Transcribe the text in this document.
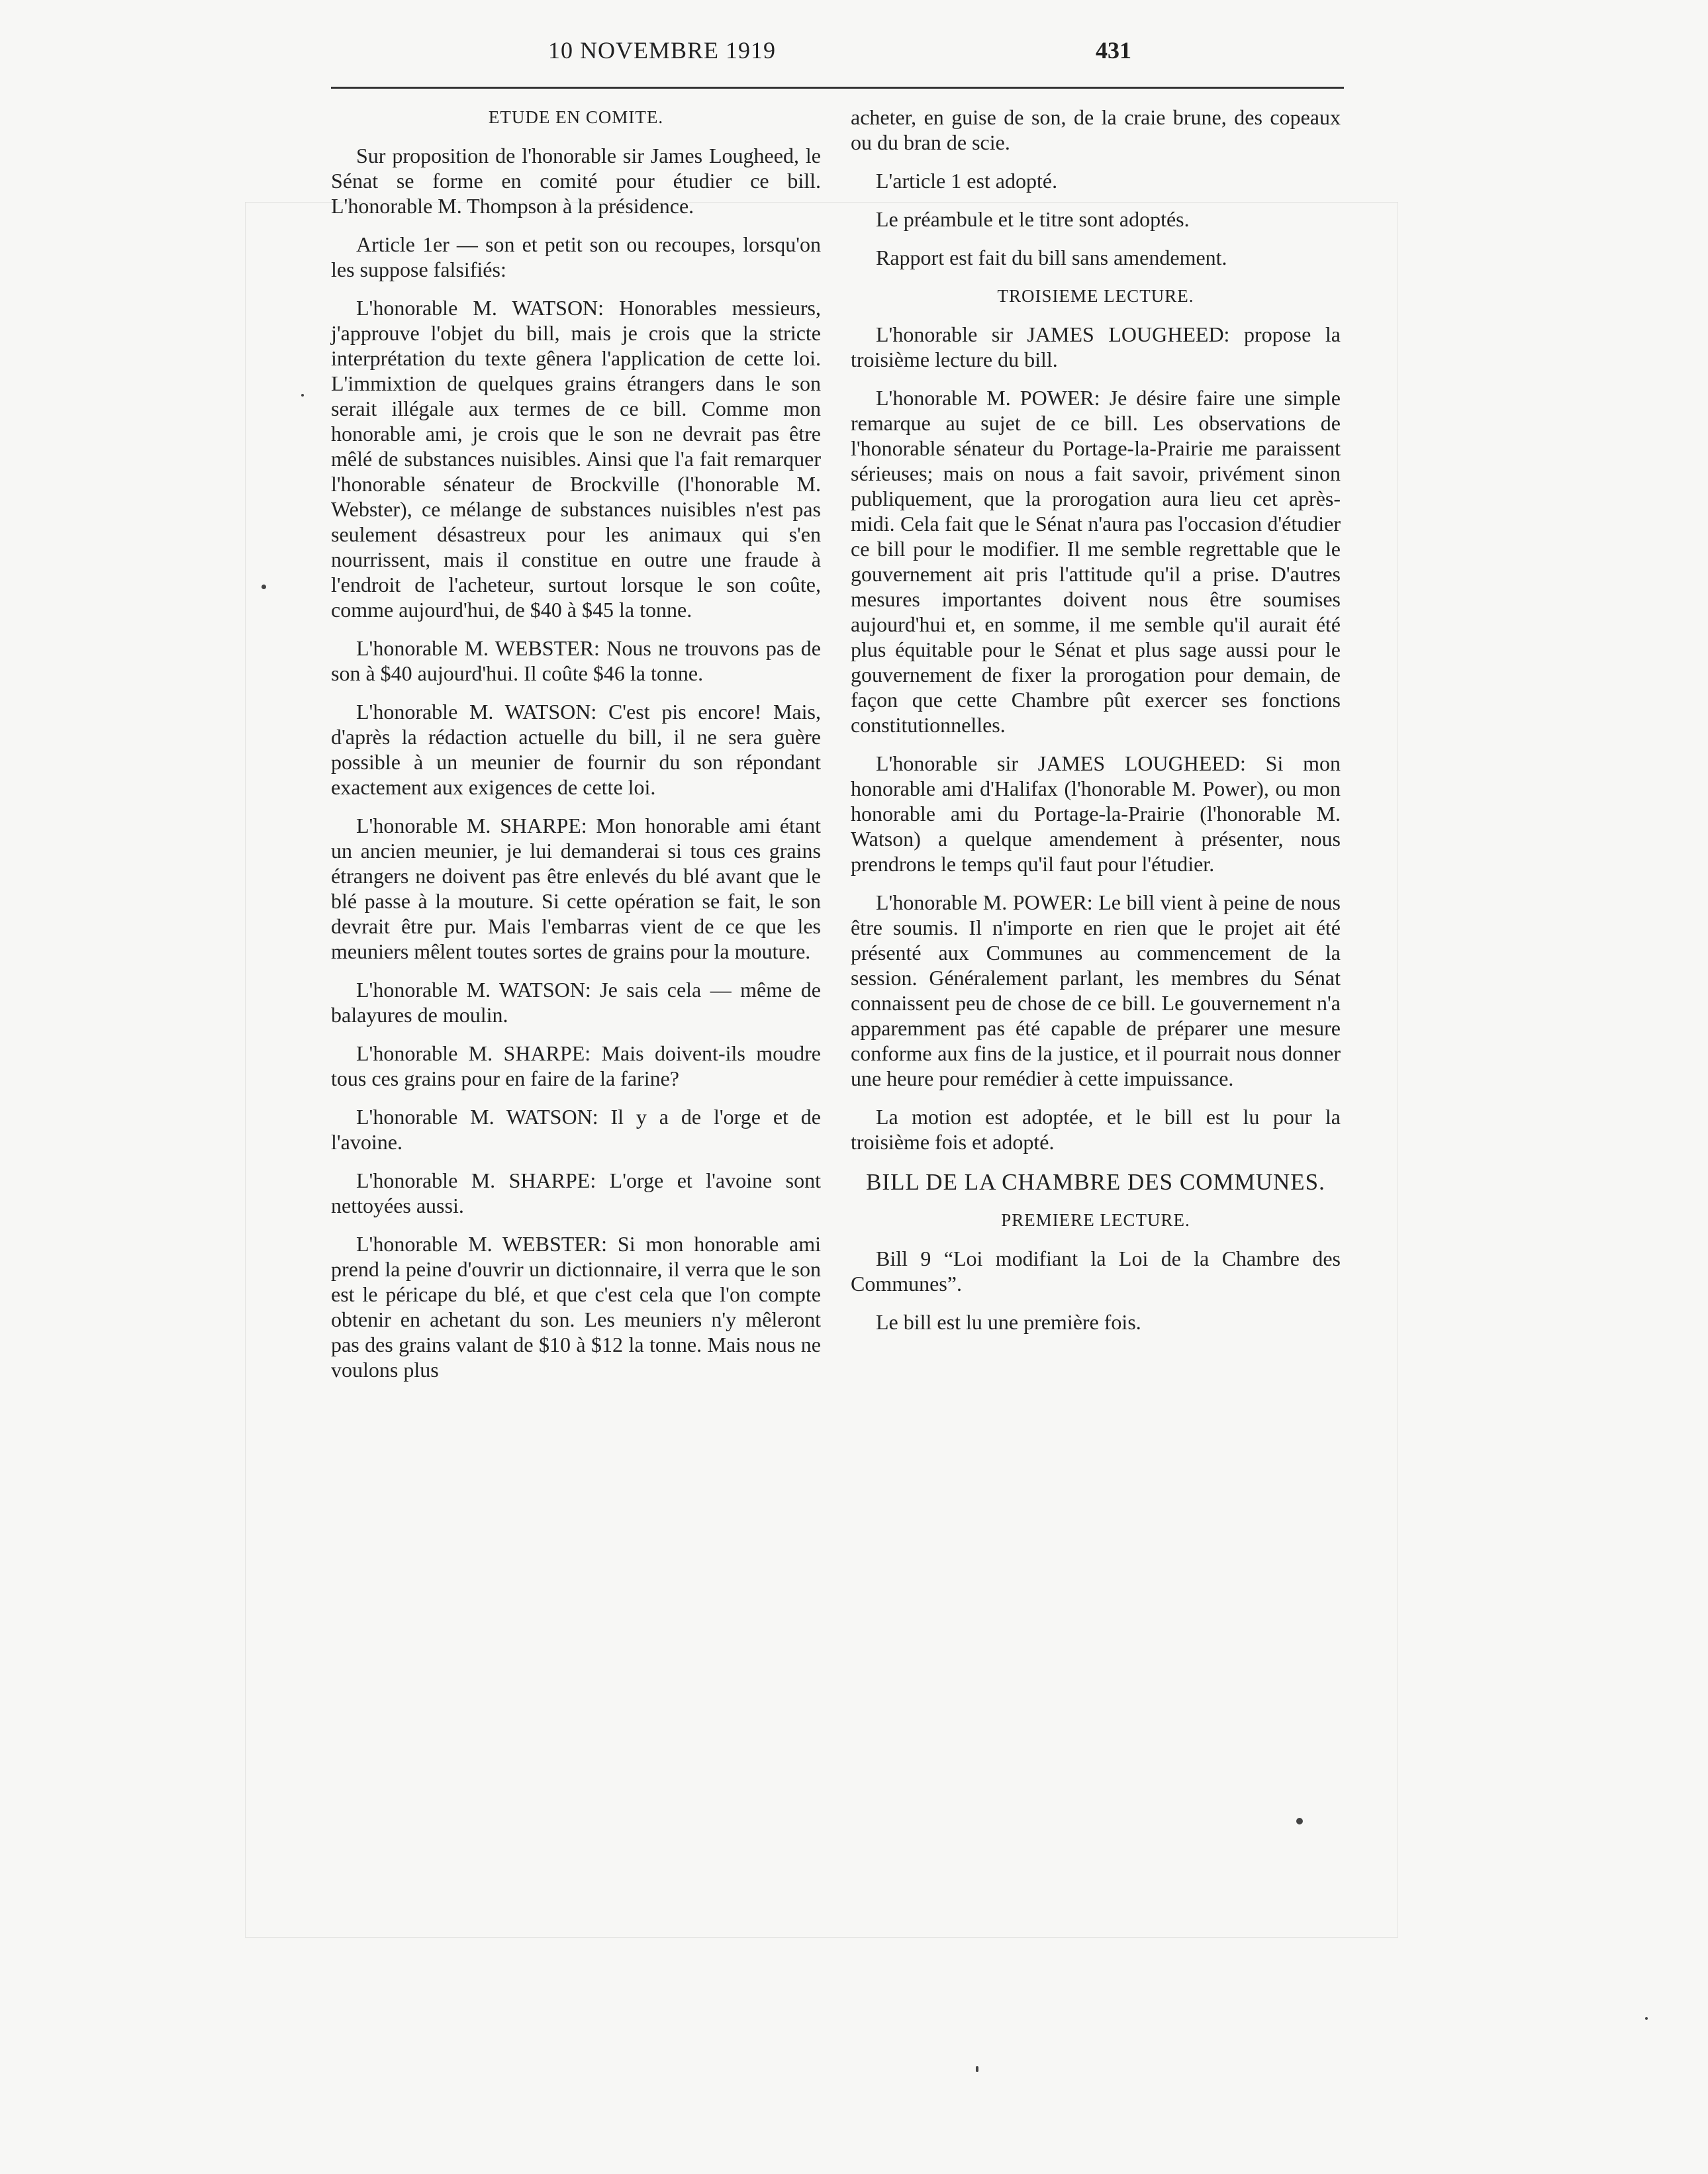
10 NOVEMBRE 1919	431
ETUDE EN COMITE.

Sur proposition de l'honorable sir James Lougheed, le Sénat se forme en comité pour étudier ce bill. L'honorable M. Thompson à la présidence.

Article 1er — son et petit son ou recoupes, lorsqu'on les suppose falsifiés:

L'honorable M. WATSON: Honorables messieurs, j'approuve l'objet du bill, mais je crois que la stricte interprétation du texte gênera l'application de cette loi. L'immixtion de quelques grains étrangers dans le son serait illégale aux termes de ce bill. Comme mon honorable ami, je crois que le son ne devrait pas être mêlé de substances nuisibles. Ainsi que l'a fait remarquer l'honorable sénateur de Brockville (l'honorable M. Webster), ce mélange de substances nuisibles n'est pas seulement désastreux pour les animaux qui s'en nourrissent, mais il constitue en outre une fraude à l'endroit de l'acheteur, surtout lorsque le son coûte, comme aujourd'hui, de $40 à $45 la tonne.

L'honorable M. WEBSTER: Nous ne trouvons pas de son à $40 aujourd'hui. Il coûte $46 la tonne.

L'honorable M. WATSON: C'est pis encore! Mais, d'après la rédaction actuelle du bill, il ne sera guère possible à un meunier de fournir du son répondant exactement aux exigences de cette loi.

L'honorable M. SHARPE: Mon honorable ami étant un ancien meunier, je lui demanderai si tous ces grains étrangers ne doivent pas être enlevés du blé avant que le blé passe à la mouture. Si cette opération se fait, le son devrait être pur. Mais l'embarras vient de ce que les meuniers mêlent toutes sortes de grains pour la mouture.

L'honorable M. WATSON: Je sais cela — même de balayures de moulin.

L'honorable M. SHARPE: Mais doivent-ils moudre tous ces grains pour en faire de la farine?

L'honorable M. WATSON: Il y a de l'orge et de l'avoine.

L'honorable M. SHARPE: L'orge et l'avoine sont nettoyées aussi.

L'honorable M. WEBSTER: Si mon honorable ami prend la peine d'ouvrir un dictionnaire, il verra que le son est le péricape du blé, et que c'est cela que l'on compte obtenir en achetant du son. Les meuniers n'y mêleront pas des grains valant de $10 à $12 la tonne. Mais nous ne voulons plus

acheter, en guise de son, de la craie brune, des copeaux ou du bran de scie.

L'article 1 est adopté.

Le préambule et le titre sont adoptés.

Rapport est fait du bill sans amendement.

TROISIEME LECTURE.

L'honorable sir JAMES LOUGHEED: propose la troisième lecture du bill.

L'honorable M. POWER: Je désire faire une simple remarque au sujet de ce bill. Les observations de l'honorable sénateur du Portage-la-Prairie me paraissent sérieuses; mais on nous a fait savoir, privément sinon publiquement, que la prorogation aura lieu cet après-midi. Cela fait que le Sénat n'aura pas l'occasion d'étudier ce bill pour le modifier. Il me semble regrettable que le gouvernement ait pris l'attitude qu'il a prise. D'autres mesures importantes doivent nous être soumises aujourd'hui et, en somme, il me semble qu'il aurait été plus équitable pour le Sénat et plus sage aussi pour le gouvernement de fixer la prorogation pour demain, de façon que cette Chambre pût exercer ses fonctions constitutionnelles.

L'honorable sir JAMES LOUGHEED: Si mon honorable ami d'Halifax (l'honorable M. Power), ou mon honorable ami du Portage-la-Prairie (l'honorable M. Watson) a quelque amendement à présenter, nous prendrons le temps qu'il faut pour l'étudier.

L'honorable M. POWER: Le bill vient à peine de nous être soumis. Il n'importe en rien que le projet ait été présenté aux Communes au commencement de la session. Généralement parlant, les membres du Sénat connaissent peu de chose de ce bill. Le gouvernement n'a apparemment pas été capable de préparer une mesure conforme aux fins de la justice, et il pourrait nous donner une heure pour remédier à cette impuissance.

La motion est adoptée, et le bill est lu pour la troisième fois et adopté.

BILL DE LA CHAMBRE DES COMMUNES.
PREMIERE LECTURE.

Bill 9 “Loi modifiant la Loi de la Chambre des Communes”.

Le bill est lu une première fois.
